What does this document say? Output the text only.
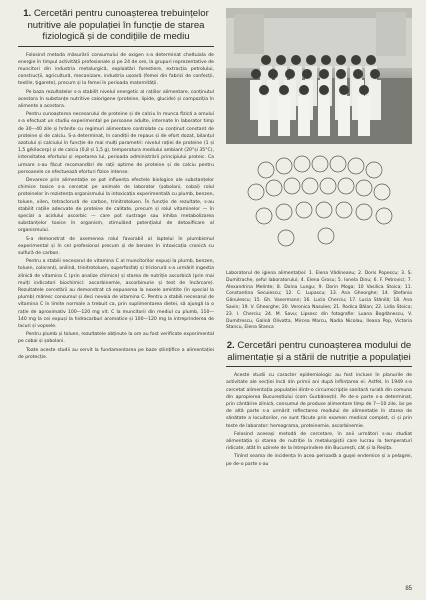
1. Cercetări pentru cunoașterea trebuințelor nutritive ale populației în funcție de starea fiziologică și de condițiile de mediu

Folosind metoda măsurării consumului de oxigen s-a determinat cheltuiala de energie în timpul activității profesionale și pe 24 de ore, la grupuri reprezentative de muncitori din industria metalurgică, exploatări forestiere, extracția petrolului, construcții, agricultură, mecanizare, industria ușoară (femei din fabrici de confecții, textile, țigarete), precum și la femei în perioada maternității.

Pe baza rezultatelor s-a stabilit nivelul energetic al rațiilor alimentare, conținutul acestora în substanțe nutritive calorigene (proteine, lipide, glucide) și compoziția în alimente a acestora.

Pentru cunoașterea necesarului de proteine și de calciu în munca fizică a omului s-a efectuat un studiu experimental pe persoane adulte, internate în laborator timp de 30—40 zile și hrănite cu regimuri alimentare controlate cu conținut constant de proteine și de calciu. S-a determinat, în condiții de repaus și de efort dozat, bilanțul azotului și calciului în funcție de mai mulți parametri: nivelul rației de proteine (1 și 1,5 g/kilocorp) și de calciu (0,8 și 1,5 g), temperatura mediului ambiant (20°și 35°C), intensitatea efortului și repetarea lui, perioada administrării principiului proteic. Ca urmare s-au făcut recomandări de rații optime de proteine și de calciu pentru persoanele ce efectuează eforturi fizice intense.

Devarece prin alimentație se pot influența efectele biologice ale substanțelor chimice toxice s-a cercetat pe animale de laborator (șobolani, cobai) rolul proteinelor în rezistența organismului la intoxicația experimentală cu plumb, benzen, toluen, xilen, tetraclorură de carbon, trinitrotoluen. În funcție de rezultate, s-au stabilit rațiile adecvate de proteine de calitate, precum și rolul vitaminelor — în special a acidului ascorbic — care pot sustrage sau inhiba metabolizarea substanțelor toxice în organism, stimulând potențialul de detoxificare al organismului.

S-a demonstrat de asemenea rolul favorabil al laptelui în plumbismul experimental și în cel profesional precum și de benzen în intoxicația cronică cu sulfură de carbon.

Pentru a stabili necesarul de vitamina C al muncitorilor expuși la plumb, benzen, toluen, coloranți, anilină, trinitrotoluen, superfosfați și triclorură s-a urmărit ingestia zilnică de vitamina C (prin analize chimice) și starea de nutriție ascorbică (prin mai mulți indicatori biochimici: ascorbinemie, ascorbinurie și test de încărcare). Rezultatele cercetării au demonstrat că expunerea la noxele amintite (în special la plumb) măresc consumul și deci nevoia de vitamina C. Pentru a stabili necesarul de vitamina C în limite normale a trebuit ca, prin suplimentarea dietei, să ajungă la o rație de aproximativ 100—120 mg vit. C la muncitorii din mediul cu plumb, 110—140 mg la cei expuși la hidrocarburi aromatice și 100—120 mg la intreprinderea de lacuri și vopsele.

Pentru plumb și toluen, rezultatele obținute la om au fost verificate experimental pe cobai și șobolani.

Toate aceste studii au servit la fundamentarea pe baze științifice a alimentației de protecție.

Laboratorul de igiena alimentației: 1. Elena Vădineanu; 2. Doris Popescu; 3. Ș. Dumitrache, șeful laboratorului; 4. Elena Grosu; 5. Ionela Dinu; 6. F. Petrovici; 7. Alexandrina Melinte; 8. Doina Lungu; 9. Dorin Moga; 10 Vasilica Stoica; 11. Constantina Secuiescu; 12. C. Lupascu; 13. Ana Gheorghe; 14. Ștefania Gânulescu; 15. Gh. Vasermann; 16. Lucia Cherciu; 17. Lucia Stănilă; 18. Ana Savin; 19. V. Gheorghe; 20. Veronica Nasulee; 21. Rodica Bălan; 22. Lidia Stoica; 23. I. Cherciu; 24. M. Savu; Lipsesc din fotografie: Luana Bogdănescu, V. Dumitrescu, Galină Olivotta, Mircea Marcu, Nadia Nicolau, Ileana Pop, Victoria Stancu, Elena Stanca
2. Cercetări pentru cunoașterea modului de alimentație și a stării de nutriție a populației

Aceste studii cu caracter epidemiologic au fost incluse în planurile de activitate ale secției încă din primii ani după înființarea ei. Astfel, în 1949 s-a cercetat alimentația populației dintr-o circumscripție sanitară rurală din comuna din apropierea Bucureștiului (com Gurbănești). Pe de-o parte s-a determinat, prin cântărire zilnică, consumul de produse alimentare timp de 7—10 zile, iar pe de altă parte s-a urmărit reflectarea modului de alimentație în starea de sănătate a locuitorilor, ne sunt făcute prin examen medical complet, ci și prin teste de laborator: hemograma, proteinemie, ascorbinemie.

Folosind aceeași metodă de cercetare, în anii următori s-au studiat alimentația și starea de nutriție la metalurgiștii care lucrau la temperaturi ridicate, atât în uzinele de la întreprindere din București, cât și la Reșița.

Tinînd seama de incidența în acea perioadă a guşei endemice și a pelagrei, pe de-o parte s-au

85
